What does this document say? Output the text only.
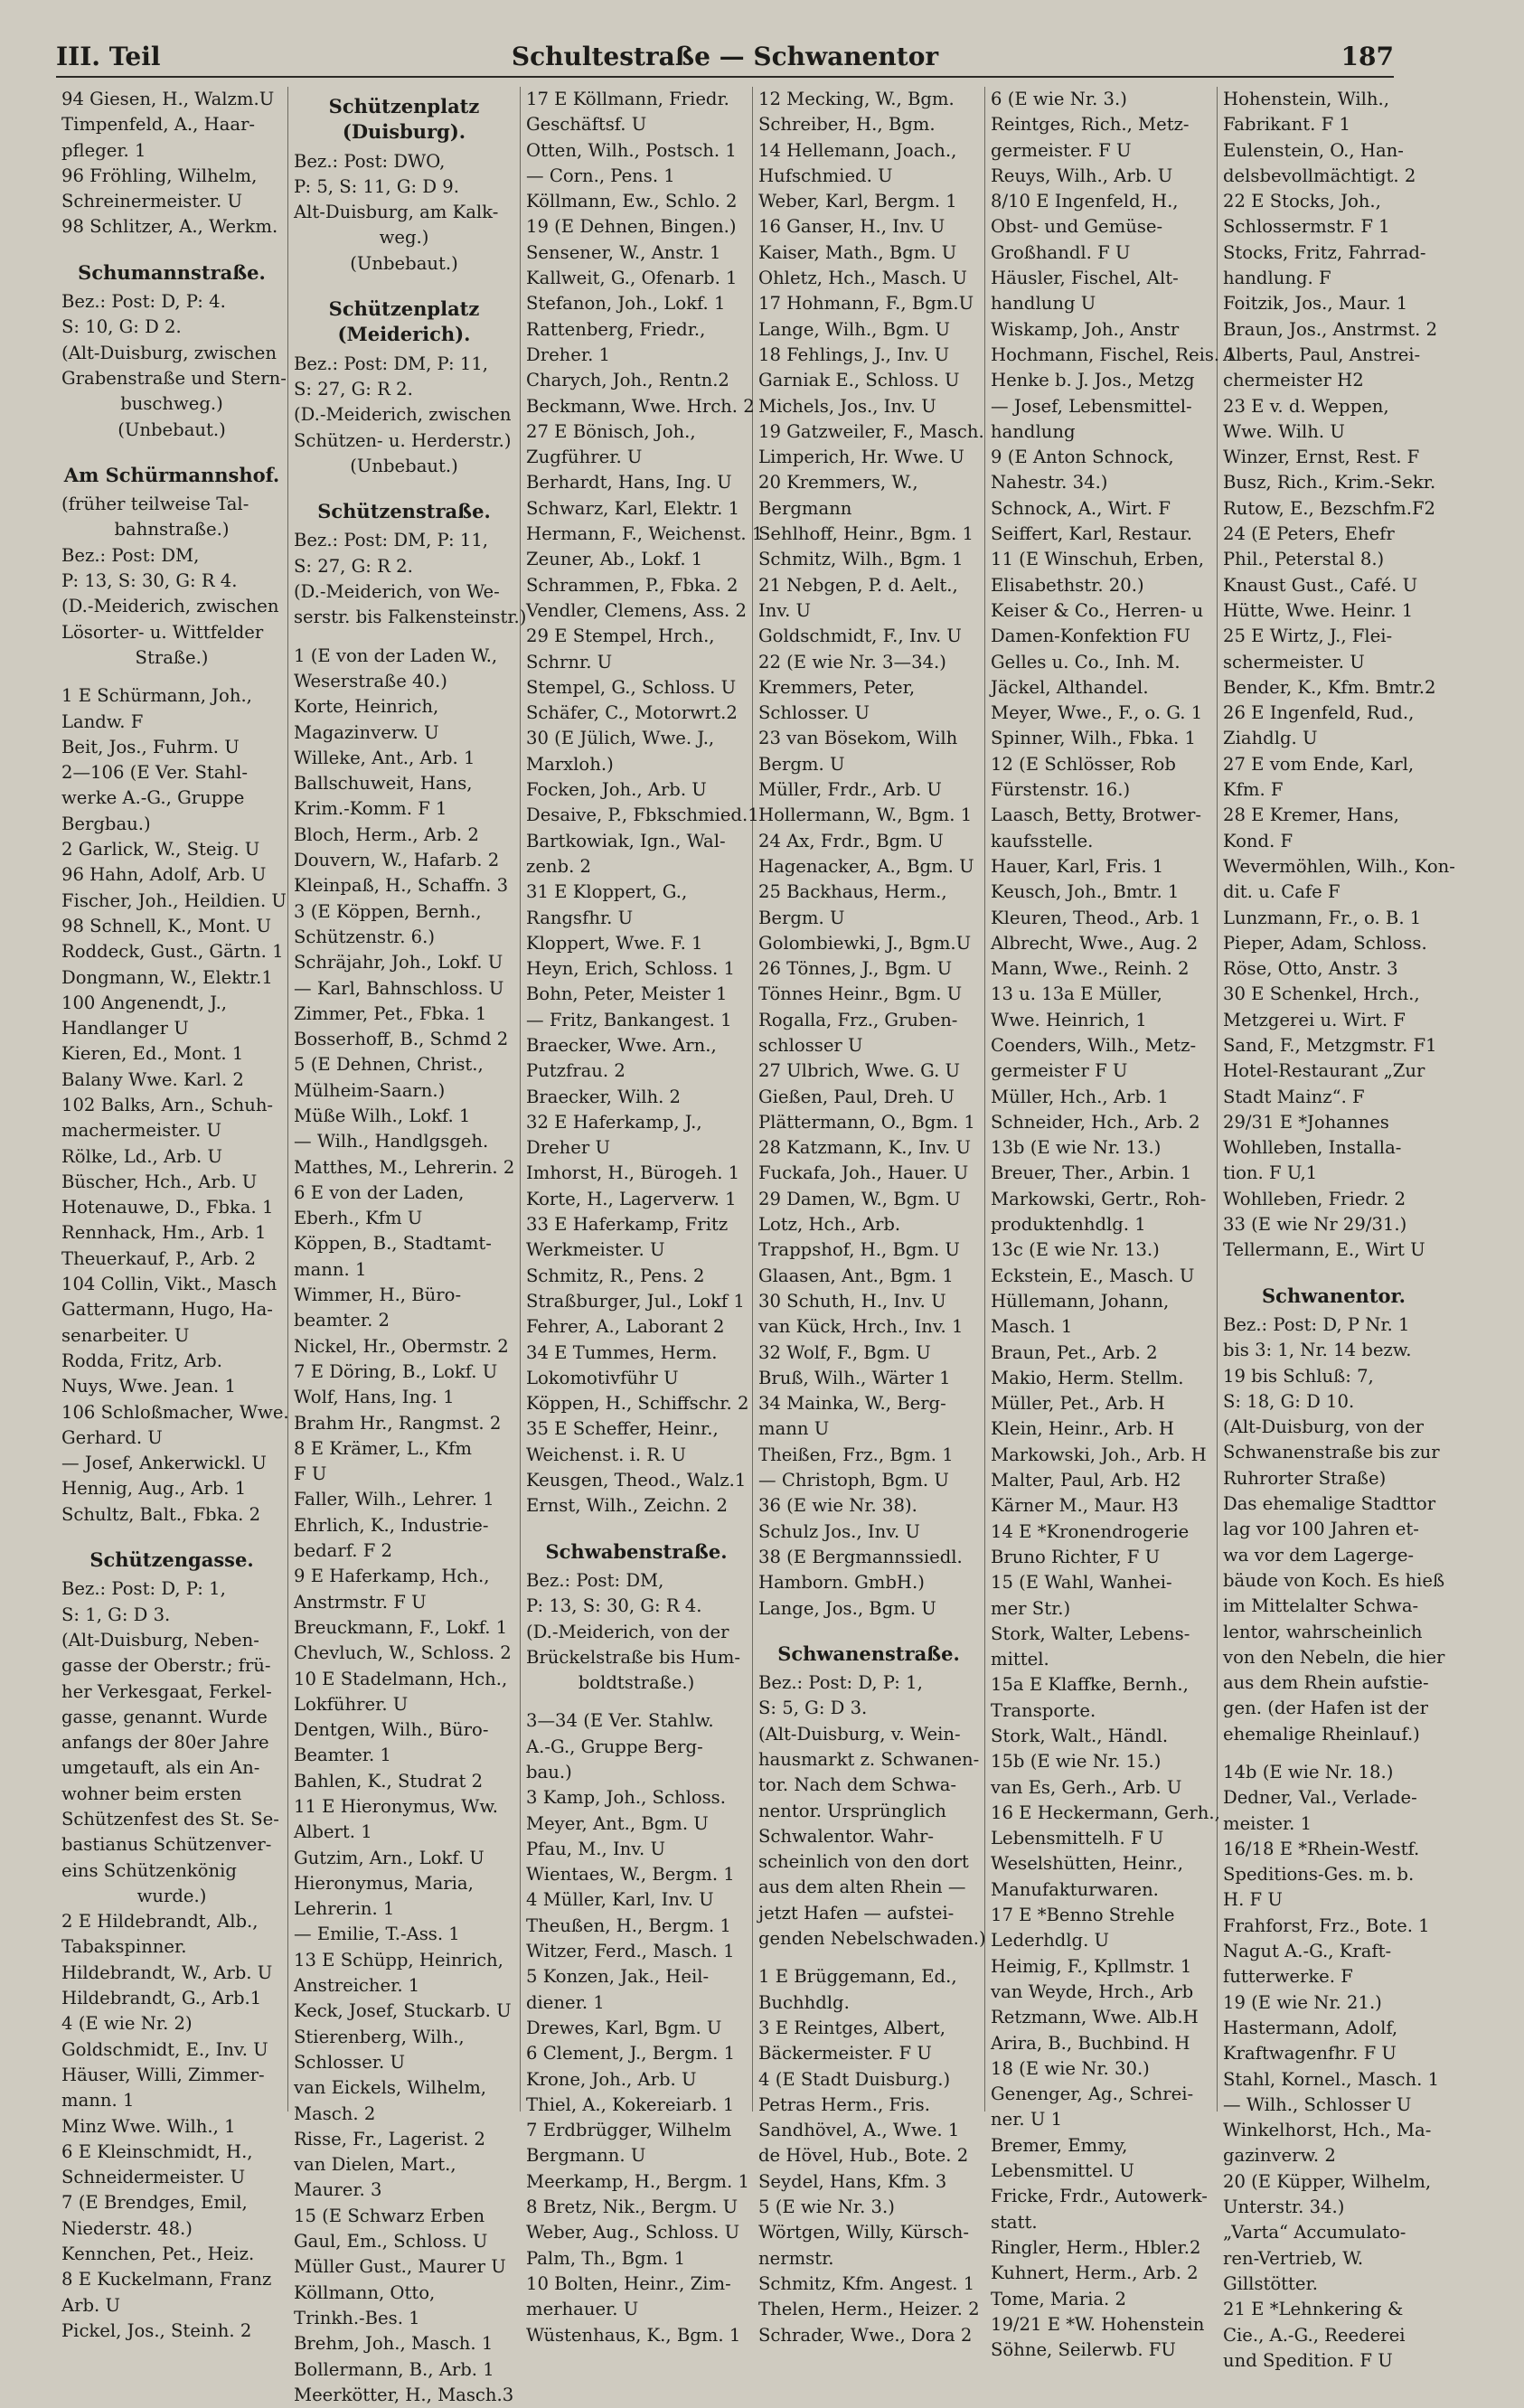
III. Teil	Schultestraße — Schwanentor	187
94 Giesen, H., Walzm.U
Timpenfeld, A., Haar-
pfleger. 1
96 Fröhling, Wilhelm,
Schreinermeister. U
98 Schlitzer, A., Werkm.
Schumannstraße.
Bez.: Post: D, P: 4.
S: 10, G: D 2.
(Alt-Duisburg, zwischen
Grabenstraße und Stern-
buschweg.)
(Unbebaut.)
Am Schürmannshof.
(früher teilweise Tal-
bahnstraße.)
Bez.: Post: DM,
P: 13, S: 30, G: R 4.
(D.-Meiderich, zwischen
Lösorter- u. Wittfelder
Straße.)
1 E Schürmann, Joh.,
Landw. F
Beit, Jos., Fuhrm. U
2—106 (E Ver. Stahl-
werke A.-G., Gruppe
Bergbau.)
2 Garlick, W., Steig. U
96 Hahn, Adolf, Arb. U
Fischer, Joh., Heildien. U
98 Schnell, K., Mont. U
Roddeck, Gust., Gärtn. 1
Dongmann, W., Elektr.1
100 Angenendt, J.,
Handlanger U
Kieren, Ed., Mont. 1
Balany Wwe. Karl. 2
102 Balks, Arn., Schuh-
machermeister. U
Rölke, Ld., Arb. U
Büscher, Hch., Arb. U
Hotenauwe, D., Fbka. 1
Rennhack, Hm., Arb. 1
Theuerkauf, P., Arb. 2
104 Collin, Vikt., Masch
Gattermann, Hugo, Ha-
senarbeiter. U
Rodda, Fritz, Arb.
Nuys, Wwe. Jean. 1
106 Schloßmacher, Wwe.
Gerhard. U
— Josef, Ankerwickl. U
Hennig, Aug., Arb. 1
Schultz, Balt., Fbka. 2
Schützengasse.
Bez.: Post: D, P: 1,
S: 1, G: D 3.
(Alt-Duisburg, Neben-
gasse der Oberstr.; frü-
her Verkesgaat, Ferkel-
gasse, genannt. Wurde
anfangs der 80er Jahre
umgetauft, als ein An-
wohner beim ersten
Schützenfest des St. Se-
bastianus Schützenver-
eins Schützenkönig
wurde.)
2 E Hildebrandt, Alb.,
Tabakspinner.
Hildebrandt, W., Arb. U
Hildebrandt, G., Arb.1
4 (E wie Nr. 2)
Goldschmidt, E., Inv. U
Häuser, Willi, Zimmer-
mann. 1
Minz Wwe. Wilh., 1
6 E Kleinschmidt, H.,
Schneidermeister. U
7 (E Brendges, Emil,
Niederstr. 48.)
Kennchen, Pet., Heiz.
8 E Kuckelmann, Franz
Arb. U
Pickel, Jos., Steinh. 2
Schützenplatz (Duisburg).
Bez.: Post: DWO,
P: 5, S: 11, G: D 9.
Alt-Duisburg, am Kalk-
weg.)
(Unbebaut.)
Schützenplatz (Meiderich).
Bez.: Post: DM, P: 11,
S: 27, G: R 2.
(D.-Meiderich, zwischen
Schützen- u. Herderstr.)
(Unbebaut.)
Schützenstraße.
Bez.: Post: DM, P: 11,
S: 27, G: R 2.
(D.-Meiderich, von We-
serstr. bis Falkensteinstr.)
1 (E von der Laden W.,
Weserstraße 40.)
Korte, Heinrich,
Magazinverw. U
Willeke, Ant., Arb. 1
Ballschuweit, Hans,
Krim.-Komm. F 1
Bloch, Herm., Arb. 2
Douvern, W., Hafarb. 2
Kleinpaß, H., Schaffn. 3
3 (E Köppen, Bernh.,
Schützenstr. 6.)
Schräjahr, Joh., Lokf. U
— Karl, Bahnschloss. U
Zimmer, Pet., Fbka. 1
Bosserhoff, B., Schmd 2
5 (E Dehnen, Christ.,
Mülheim-Saarn.)
Müße Wilh., Lokf. 1
— Wilh., Handlgsgeh.
Matthes, M., Lehrerin. 2
6 E von der Laden,
Eberh., Kfm U
Köppen, B., Stadtamt-
mann. 1
Wimmer, H., Büro-
beamter. 2
Nickel, Hr., Obermstr. 2
7 E Döring, B., Lokf. U
Wolf, Hans, Ing. 1
Brahm Hr., Rangmst. 2
8 E Krämer, L., Kfm
F U
Faller, Wilh., Lehrer. 1
Ehrlich, K., Industrie-
bedarf. F 2
9 E Haferkamp, Hch.,
Anstrmstr. F U
Breuckmann, F., Lokf. 1
Chevluch, W., Schloss. 2
10 E Stadelmann, Hch.,
Lokführer. U
Dentgen, Wilh., Büro-
Beamter. 1
Bahlen, K., Studrat 2
11 E Hieronymus, Ww.
Albert. 1
Gutzim, Arn., Lokf. U
Hieronymus, Maria,
Lehrerin. 1
— Emilie, T.-Ass. 1
13 E Schüpp, Heinrich,
Anstreicher. 1
Keck, Josef, Stuckarb. U
Stierenberg, Wilh.,
Schlosser. U
van Eickels, Wilhelm,
Masch. 2
Risse, Fr., Lagerist. 2
van Dielen, Mart.,
Maurer. 3
15 (E Schwarz Erben
Gaul, Em., Schloss. U
Müller Gust., Maurer U
Köllmann, Otto,
Trinkh.-Bes. 1
Brehm, Joh., Masch. 1
Bollermann, B., Arb. 1
Meerkötter, H., Masch.3
17 E Köllmann, Friedr.
Geschäftsf. U
Otten, Wilh., Postsch. 1
— Corn., Pens. 1
Köllmann, Ew., Schlo. 2
19 (E Dehnen, Bingen.)
Sensener, W., Anstr. 1
Kallweit, G., Ofenarb. 1
Stefanon, Joh., Lokf. 1
Rattenberg, Friedr.,
Dreher. 1
Charych, Joh., Rentn.2
Beckmann, Wwe. Hrch. 2
27 E Bönisch, Joh.,
Zugführer. U
Berhardt, Hans, Ing. U
Schwarz, Karl, Elektr. 1
Hermann, F., Weichenst. 1
Zeuner, Ab., Lokf. 1
Schrammen, P., Fbka. 2
Vendler, Clemens, Ass. 2
29 E Stempel, Hrch.,
Schrnr. U
Stempel, G., Schloss. U
Schäfer, C., Motorwrt.2
30 (E Jülich, Wwe. J.,
Marxloh.)
Focken, Joh., Arb. U
Desaive, P., Fbkschmied.1
Bartkowiak, Ign., Wal-
zenb. 2
31 E Kloppert, G.,
Rangsfhr. U
Kloppert, Wwe. F. 1
Heyn, Erich, Schloss. 1
Bohn, Peter, Meister 1
— Fritz, Bankangest. 1
Braecker, Wwe. Arn.,
Putzfrau. 2
Braecker, Wilh. 2
32 E Haferkamp, J.,
Dreher U
Imhorst, H., Bürogeh. 1
Korte, H., Lagerverw. 1
33 E Haferkamp, Fritz
Werkmeister. U
Schmitz, R., Pens. 2
Straßburger, Jul., Lokf 1
Fehrer, A., Laborant 2
34 E Tummes, Herm.
Lokomotivführ U
Köppen, H., Schiffschr. 2
35 E Scheffer, Heinr.,
Weichenst. i. R. U
Keusgen, Theod., Walz.1
Ernst, Wilh., Zeichn. 2
Schwabenstraße.
Bez.: Post: DM,
P: 13, S: 30, G: R 4.
(D.-Meiderich, von der
Brückelstraße bis Hum-
boldtstraße.)
3—34 (E Ver. Stahlw.
A.-G., Gruppe Berg-
bau.)
3 Kamp, Joh., Schloss.
Meyer, Ant., Bgm. U
Pfau, M., Inv. U
Wientaes, W., Bergm. 1
4 Müller, Karl, Inv. U
Theußen, H., Bergm. 1
Witzer, Ferd., Masch. 1
5 Konzen, Jak., Heil-
diener. 1
Drewes, Karl, Bgm. U
6 Clement, J., Bergm. 1
Krone, Joh., Arb. U
Thiel, A., Kokereiarb. 1
7 Erdbrügger, Wilhelm
Bergmann. U
Meerkamp, H., Bergm. 1
8 Bretz, Nik., Bergm. U
Weber, Aug., Schloss. U
Palm, Th., Bgm. 1
10 Bolten, Heinr., Zim-
merhauer. U
Wüstenhaus, K., Bgm. 1
12 Mecking, W., Bgm.
Schreiber, H., Bgm.
14 Hellemann, Joach.,
Hufschmied. U
Weber, Karl, Bergm. 1
16 Ganser, H., Inv. U
Kaiser, Math., Bgm. U
Ohletz, Hch., Masch. U
17 Hohmann, F., Bgm.U
Lange, Wilh., Bgm. U
18 Fehlings, J., Inv. U
Garniak E., Schloss. U
Michels, Jos., Inv. U
19 Gatzweiler, F., Masch.
Limperich, Hr. Wwe. U
20 Kremmers, W.,
Bergmann
Sehlhoff, Heinr., Bgm. 1
Schmitz, Wilh., Bgm. 1
21 Nebgen, P. d. Aelt.,
Inv. U
Goldschmidt, F., Inv. U
22 (E wie Nr. 3—34.)
Kremmers, Peter,
Schlosser. U
23 van Bösekom, Wilh
Bergm. U
Müller, Frdr., Arb. U
Hollermann, W., Bgm. 1
24 Ax, Frdr., Bgm. U
Hagenacker, A., Bgm. U
25 Backhaus, Herm.,
Bergm. U
Golombiewki, J., Bgm.U
26 Tönnes, J., Bgm. U
Tönnes Heinr., Bgm. U
Rogalla, Frz., Gruben-
schlosser U
27 Ulbrich, Wwe. G. U
Gießen, Paul, Dreh. U
Plättermann, O., Bgm. 1
28 Katzmann, K., Inv. U
Fuckafa, Joh., Hauer. U
29 Damen, W., Bgm. U
Lotz, Hch., Arb.
Trappshof, H., Bgm. U
Glaasen, Ant., Bgm. 1
30 Schuth, H., Inv. U
van Kück, Hrch., Inv. 1
32 Wolf, F., Bgm. U
Bruß, Wilh., Wärter 1
34 Mainka, W., Berg-
mann U
Theißen, Frz., Bgm. 1
— Christoph, Bgm. U
36 (E wie Nr. 38).
Schulz Jos., Inv. U
38 (E Bergmannssiedl.
Hamborn. GmbH.)
Lange, Jos., Bgm. U
Schwanenstraße.
Bez.: Post: D, P: 1,
S: 5, G: D 3.
(Alt-Duisburg, v. Wein-
hausmarkt z. Schwanen-
tor. Nach dem Schwa-
nentor. Ursprünglich
Schwalentor. Wahr-
scheinlich von den dort
aus dem alten Rhein —
jetzt Hafen — aufstei-
genden Nebelschwaden.)
1 E Brüggemann, Ed.,
Buchhdlg.
3 E Reintges, Albert,
Bäckermeister. F U
4 (E Stadt Duisburg.)
Petras Herm., Fris.
Sandhövel, A., Wwe. 1
de Hövel, Hub., Bote. 2
Seydel, Hans, Kfm. 3
5 (E wie Nr. 3.)
Wörtgen, Willy, Kürsch-
nermstr.
Schmitz, Kfm. Angest. 1
Thelen, Herm., Heizer. 2
Schrader, Wwe., Dora 2
6 (E wie Nr. 3.)
Reintges, Rich., Metz-
germeister. F U
Reuys, Wilh., Arb. U
8/10 E Ingenfeld, H.,
Obst- und Gemüse-
Großhandl. F U
Häusler, Fischel, Alt-
handlung U
Wiskamp, Joh., Anstr
Hochmann, Fischel, Reis. 1
Henke b. J. Jos., Metzg
— Josef, Lebensmittel-
handlung
9 (E Anton Schnock,
Nahestr. 34.)
Schnock, A., Wirt. F
Seiffert, Karl, Restaur.
11 (E Winschuh, Erben,
Elisabethstr. 20.)
Keiser & Co., Herren- u
Damen-Konfektion FU
Gelles u. Co., Inh. M.
Jäckel, Althandel.
Meyer, Wwe., F., o. G. 1
Spinner, Wilh., Fbka. 1
12 (E Schlösser, Rob
Fürstenstr. 16.)
Laasch, Betty, Brotwer-
kaufsstelle.
Hauer, Karl, Fris. 1
Keusch, Joh., Bmtr. 1
Kleuren, Theod., Arb. 1
Albrecht, Wwe., Aug. 2
Mann, Wwe., Reinh. 2
13 u. 13a E Müller,
Wwe. Heinrich, 1
Coenders, Wilh., Metz-
germeister F U
Müller, Hch., Arb. 1
Schneider, Hch., Arb. 2
13b (E wie Nr. 13.)
Breuer, Ther., Arbin. 1
Markowski, Gertr., Roh-
produktenhdlg. 1
13c (E wie Nr. 13.)
Eckstein, E., Masch. U
Hüllemann, Johann,
Masch. 1
Braun, Pet., Arb. 2
Makio, Herm. Stellm.
Müller, Pet., Arb. H
Klein, Heinr., Arb. H
Markowski, Joh., Arb. H
Malter, Paul, Arb. H2
Kärner M., Maur. H3
14 E *Kronendrogerie
Bruno Richter, F U
15 (E Wahl, Wanhei-
mer Str.)
Stork, Walter, Lebens-
mittel.
15a E Klaffke, Bernh.,
Transporte.
Stork, Walt., Händl.
15b (E wie Nr. 15.)
van Es, Gerh., Arb. U
16 E Heckermann, Gerh.,
Lebensmittelh. F U
Weselshütten, Heinr.,
Manufakturwaren.
17 E *Benno Strehle
Lederhdlg. U
Heimig, F., Kpllmstr. 1
van Weyde, Hrch., Arb
Retzmann, Wwe. Alb.H
Arira, B., Buchbind. H
18 (E wie Nr. 30.)
Genenger, Ag., Schrei-
ner. U 1
Bremer, Emmy,
Lebensmittel. U
Fricke, Frdr., Autowerk-
statt.
Ringler, Herm., Hbler.2
Kuhnert, Herm., Arb. 2
Tome, Maria. 2
19/21 E *W. Hohenstein
Söhne, Seilerwb. FU
Hohenstein, Wilh.,
Fabrikant. F 1
Eulenstein, O., Han-
delsbevollmächtigt. 2
22 E Stocks, Joh.,
Schlossermstr. F 1
Stocks, Fritz, Fahrrad-
handlung. F
Foitzik, Jos., Maur. 1
Braun, Jos., Anstrmst. 2
Alberts, Paul, Anstrei-
chermeister H2
23 E v. d. Weppen,
Wwe. Wilh. U
Winzer, Ernst, Rest. F
Busz, Rich., Krim.-Sekr.
Rutow, E., Bezschfm.F2
24 (E Peters, Ehefr
Phil., Peterstal 8.)
Knaust Gust., Café. U
Hütte, Wwe. Heinr. 1
25 E Wirtz, J., Flei-
schermeister. U
Bender, K., Kfm. Bmtr.2
26 E Ingenfeld, Rud.,
Ziahdlg. U
27 E vom Ende, Karl,
Kfm. F
28 E Kremer, Hans,
Kond. F
Wevermöhlen, Wilh., Kon-
dit. u. Cafe F
Lunzmann, Fr., o. B. 1
Pieper, Adam, Schloss.
Röse, Otto, Anstr. 3
30 E Schenkel, Hrch.,
Metzgerei u. Wirt. F
Sand, F., Metzgmstr. F1
Hotel-Restaurant „Zur
Stadt Mainz“. F
29/31 E *Johannes
Wohlleben, Installa-
tion. F U,1
Wohlleben, Friedr. 2
33 (E wie Nr 29/31.)
Tellermann, E., Wirt U
Schwanentor.
Bez.: Post: D, P Nr. 1
bis 3: 1, Nr. 14 bezw.
19 bis Schluß: 7,
S: 18, G: D 10.
(Alt-Duisburg, von der
Schwanenstraße bis zur
Ruhrorter Straße)
Das ehemalige Stadttor
lag vor 100 Jahren et-
wa vor dem Lagerge-
bäude von Koch. Es hieß
im Mittelalter Schwa-
lentor, wahrscheinlich
von den Nebeln, die hier
aus dem Rhein aufstie-
gen. (der Hafen ist der
ehemalige Rheinlauf.)
14b (E wie Nr. 18.)
Dedner, Val., Verlade-
meister. 1
16/18 E *Rhein-Westf.
Speditions-Ges. m. b.
H. F U
Frahforst, Frz., Bote. 1
Nagut A.-G., Kraft-
futterwerke. F
19 (E wie Nr. 21.)
Hastermann, Adolf,
Kraftwagenfhr. F U
Stahl, Kornel., Masch. 1
— Wilh., Schlosser U
Winkelhorst, Hch., Ma-
gazinverw. 2
20 (E Küpper, Wilhelm,
Unterstr. 34.)
„Varta“ Accumulato-
ren-Vertrieb, W.
Gillstötter.
21 E *Lehnkering &
Cie., A.-G., Reederei
und Spedition. F U
